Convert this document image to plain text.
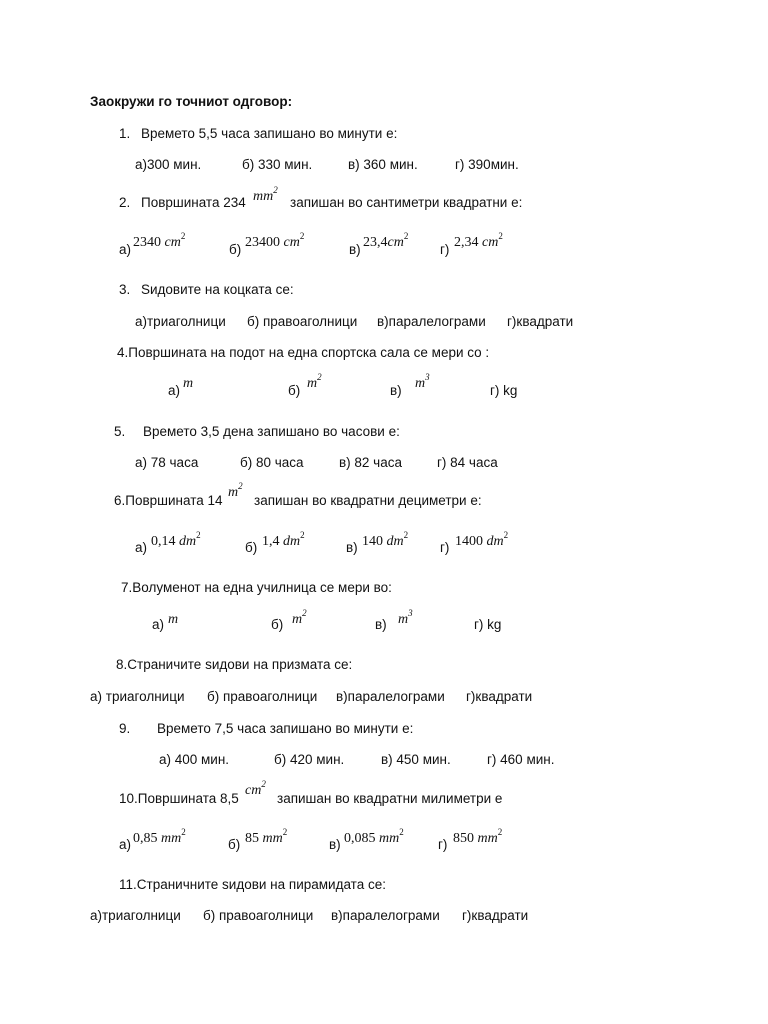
Заокружи го точниот одговор:
1. Времето 5,5 часа запишано во минути е:
а)300 мин.	б) 330 мин.	в) 360 мин.	г) 390мин.
2. Површината 234 $mm^2$
запишан во сантиметри квадратни е:
а) 2340 $cm^2$
б) 23400 $cm^2$
в) $23,4cm^2$
г) 2,34 $cm^2$
3. Ѕидовите на коцката се:
а)триаголници б) правоаголници в)паралелограми г)квадрати
4.Површината на подот на една спортска сала се мери со :
а) m	б) $m^2$
в) $m^3$
г) kg
5. Времето 3,5 дена запишано во часови е:
а) 78 часа	б) 80 часа	в) 82 часа	г) 84 часа
6.Површината 14
$m^2$
запишан во квадратни дециметри е:
а) 0,14 $dm^2$
б) 1,4 $dm^2$
в) 140 $dm^2$
г) 1400 $dm^2$
7.Волуменот на една училница се мери во:
а) m	б) $m^2$
в) $m^3$
г) kg
8.Страничите ѕидови на призмата се:
а) триаголници б) правоаголници в)паралелограми г)квадрати
9. Времето 7,5 часа запишано во минути е:
а) 400 мин.	б) 420 мин.	в) 450 мин.	г) 460 мин.
10.Површината 8,5
$cm^2$
запишан во квадратни милиметри е
а) 0,85 $mm^2$
б) 85 $mm^2$
в) 0,085 $mm^2$
г) 850 $mm^2$
11.Страничните ѕидови на пирамидата се:
а)триаголници б) правоаголници в)паралелограми г)квадрати
